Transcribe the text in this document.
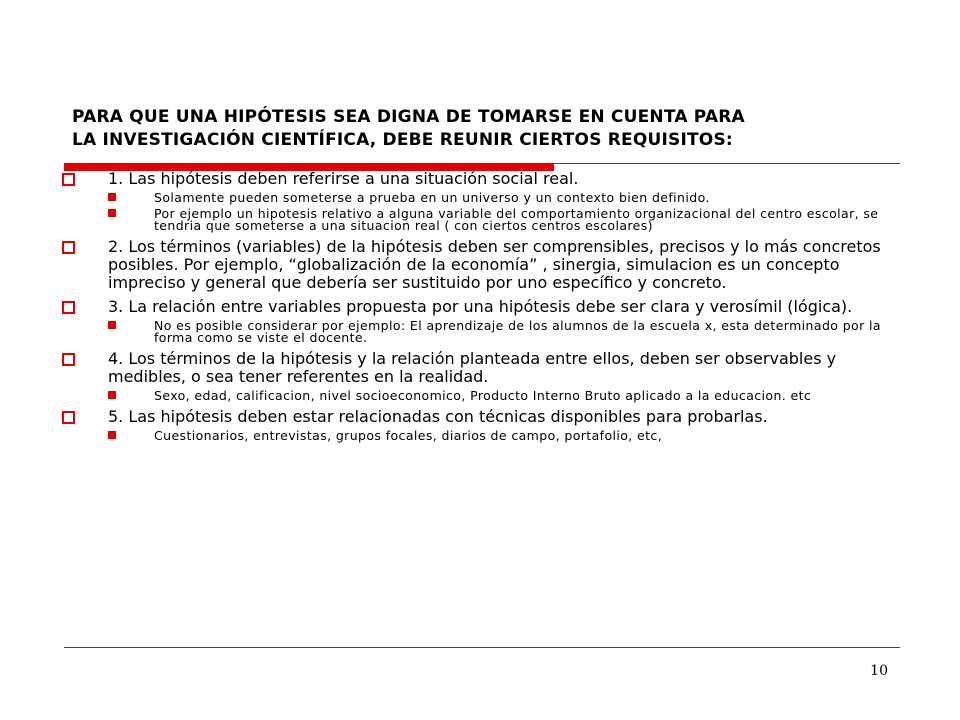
PARA QUE UNA HIPÓTESIS SEA DIGNA DE TOMARSE EN CUENTA PARA
LA INVESTIGACIÓN CIENTÍFICA, DEBE REUNIR CIERTOS REQUISITOS:
1. Las hipótesis deben referirse a una situación social real.
Solamente pueden someterse a prueba en un universo y un contexto bien definido.
Por ejemplo un hipotesis relativo a alguna variable del comportamiento organizacional del centro escolar, se tendria que someterse a una situacion real ( con ciertos centros escolares)
2. Los términos (variables) de la hipótesis deben ser comprensibles, precisos y lo más concretos posibles. Por ejemplo, “globalización de la economía” , sinergia, simulacion es un concepto impreciso y general que debería ser sustituido por uno específico y concreto.
3. La relación entre variables propuesta por una hipótesis debe ser clara y verosímil (lógica).
No es posible considerar por ejemplo: El aprendizaje de los alumnos de la escuela x, esta determinado por la forma como se viste el docente.
4. Los términos de la hipótesis y la relación planteada entre ellos, deben ser observables y medibles, o sea tener referentes en la realidad.
Sexo, edad, calificacion, nivel socioeconomico, Producto Interno Bruto aplicado a la educacion. etc
5. Las hipótesis deben estar relacionadas con técnicas disponibles para probarlas.
Cuestionarios, entrevistas, grupos focales, diarios de campo, portafolio, etc,
10
